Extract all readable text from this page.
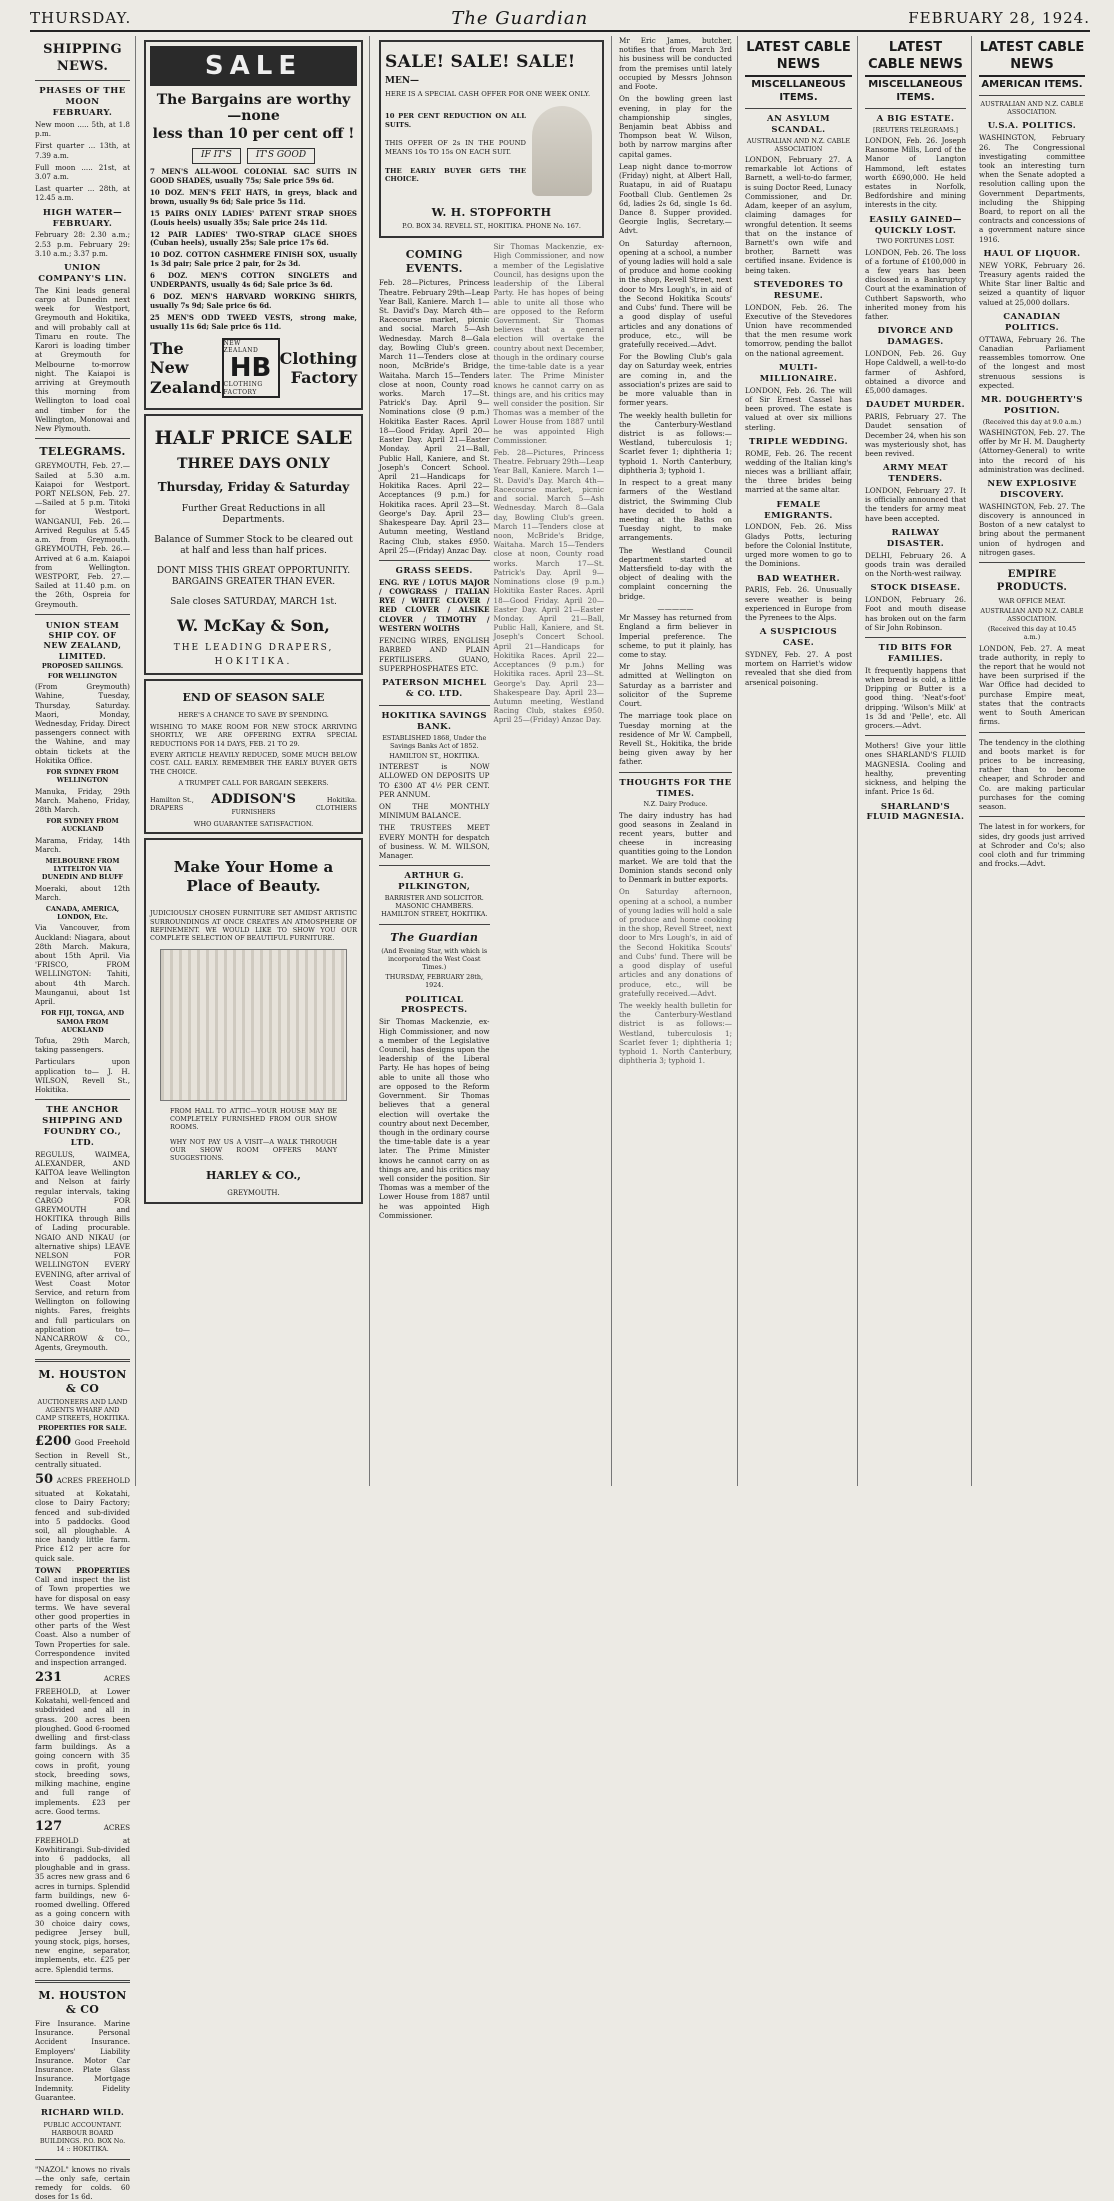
THURSDAY.	The Guardian	FEBRUARY 28, 1924.
SHIPPING NEWS.
PHASES OF THE MOON FEBRUARY.

New moon ..... 5th, at 1.8 p.m.

First quarter ... 13th, at 7.39 a.m.

Full moon ..... 21st, at 3.07 a.m.

Last quarter ... 28th, at 12.45 a.m.

HIGH WATER—FEBRUARY.

February 28: 2.30 a.m.; 2.53 p.m. February 29: 3.10 a.m.; 3.37 p.m.

UNION COMPANY'S LIN.

The Kini leads general cargo at Dunedin next week for Westport, Greymouth and Hokitika, and will probably call at Timaru en route. The Karori is loading timber at Greymouth for Melbourne to-morrow night. The Kaiapoi is arriving at Greymouth this morning from Wellington to load coal and timber for the Wellington, Monowai and New Plymouth.

TELEGRAMS.

GREYMOUTH, Feb. 27.—Sailed at 5.30 a.m. Kaiapoi for Westport. PORT NELSON, Feb. 27.—Sailed at 5 p.m. Titoki for Westport. WANGANUI, Feb. 26.—Arrived Regulus at 5.45 a.m. from Greymouth. GREYMOUTH, Feb. 26.—Arrived at 6 a.m. Kaiapoi from Wellington. WESTPORT, Feb. 27.—Sailed at 11.40 p.m. on the 26th, Ospreia for Greymouth.

UNION STEAM SHIP COY. OF NEW ZEALAND, LIMITED.
PROPOSED SAILINGS.
FOR WELLINGTON

(From Greymouth) Wahine, Tuesday, Thursday, Saturday. Maori, Monday, Wednesday, Friday. Direct passengers connect with the Wahine, and may obtain tickets at the Hokitika Office.

FOR SYDNEY FROM WELLINGTON

Manuka, Friday, 29th March. Maheno, Friday, 28th March.

FOR SYDNEY FROM AUCKLAND

Marama, Friday, 14th March.

MELBOURNE FROM LYTTELTON VIA DUNEDIN AND BLUFF

Moeraki, about 12th March.

CANADA, AMERICA, LONDON, Etc.

Via Vancouver, from Auckland: Niagara, about 28th March. Makura, about 15th April. Via 'FRISCO, FROM WELLINGTON: Tahiti, about 4th March. Maunganui, about 1st April.

FOR FIJI, TONGA, AND SAMOA FROM AUCKLAND

Tofua, 29th March, taking passengers.

Particulars upon application to— J. H. WILSON, Revell St., Hokitika.

THE ANCHOR SHIPPING AND FOUNDRY CO., LTD.

REGULUS, WAIMEA, ALEXANDER, AND KAITOA leave Wellington and Nelson at fairly regular intervals, taking CARGO FOR GREYMOUTH and HOKITIKA through Bills of Lading procurable. NGAIO AND NIKAU (or alternative ships) LEAVE NELSON FOR WELLINGTON EVERY EVENING, after arrival of West Coast Motor Service, and return from Wellington on following nights. Fares, freights and full particulars on application to— NANCARROW & CO., Agents, Greymouth.

M. HOUSTON & CO
AUCTIONEERS AND LAND AGENTS WHARF AND CAMP STREETS, HOKITIKA.
PROPERTIES FOR SALE.

£200 Good Freehold Section in Revell St., centrally situated.

50 ACRES FREEHOLD situated at Kokatahi, close to Dairy Factory; fenced and sub-divided into 5 paddocks. Good soil, all ploughable. A nice handy little farm. Price £12 per acre for quick sale.

TOWN PROPERTIES Call and inspect the list of Town properties we have for disposal on easy terms. We have several other good properties in other parts of the West Coast. Also a number of Town Properties for sale. Correspondence invited and inspection arranged.

231	ACRES FREEHOLD, at Lower Kokatahi, well-fenced and subdivided and all in grass. 200 acres been ploughed. Good 6-roomed dwelling and first-class farm buildings. As a going concern with 35 cows in profit, young stock, breeding sows, milking machine, engine and full range of implements. £23 per acre. Good terms.

127	ACRES FREEHOLD at Kowhitirangi. Sub-divided into 6 paddocks, all ploughable and in grass. 35 acres new grass and 6 acres in turnips. Splendid farm buildings, new 6-roomed dwelling. Offered as a going concern with 30 choice dairy cows, pedigree Jersey bull, young stock, pigs, horses, new engine, separator, implements, etc. £25 per acre. Splendid terms.

M. HOUSTON & CO

Fire Insurance. Marine Insurance. Personal Accident Insurance. Employers' Liability Insurance. Motor Car Insurance. Plate Glass Insurance. Mortgage Indemnity. Fidelity Guarantee.

RICHARD WILD.
PUBLIC ACCOUNTANT. HARBOUR BOARD BUILDINGS. P.O. BOX No. 14 :: HOKITIKA.

"NAZOL" knows no rivals—the only safe, certain remedy for colds. 60 doses for 1s 6d.

SALE
The Bargains are worthy—none
less than 10 per cent off !
IF IT'S	IT'S GOOD

7 MEN'S ALL-WOOL COLONIAL SAC SUITS IN GOOD SHADES, usually 75s; Sale price 59s 6d.

10 DOZ. MEN'S FELT HATS, in greys, black and brown, usually 9s 6d; Sale price 5s 11d.

15 PAIRS ONLY LADIES' PATENT STRAP SHOES (Louis heels) usually 35s; Sale price 24s 11d.

12 PAIR LADIES' TWO-STRAP GLACE SHOES (Cuban heels), usually 25s; Sale price 17s 6d.

10 DOZ. COTTON CASHMERE FINISH SOX, usually 1s 3d pair; Sale price 2 pair, for 2s 3d.

6 DOZ. MEN'S COTTON SINGLETS and UNDERPANTS, usually 4s 6d; Sale price 3s 6d.

6 DOZ. MEN'S HARVARD WORKING SHIRTS, usually 7s 9d; Sale price 6s 6d.

25 MEN'S ODD TWEED VESTS, strong make, usually 11s 6d; Sale price 6s 11d.

The New
Zealand
NEW ZEALAND
HB
CLOTHING FACTORY
Clothing
Factory
HALF PRICE SALE
THREE DAYS ONLY
Thursday, Friday & Saturday
Further Great Reductions in all Departments.
Balance of Summer Stock to be cleared out at half and less than half prices.
DONT MISS THIS GREAT OPPORTUNITY. BARGAINS GREATER THAN EVER.
Sale closes SATURDAY, MARCH 1st.
W. McKay & Son,
THE LEADING DRAPERS,
HOKITIKA.
END OF SEASON SALE
HERE'S A CHANCE TO SAVE BY SPENDING.

WISHING TO MAKE ROOM FOR NEW STOCK ARRIVING SHORTLY, WE ARE OFFERING EXTRA SPECIAL REDUCTIONS FOR 14 DAYS, FEB. 21 TO 29.

EVERY ARTICLE HEAVILY REDUCED, SOME MUCH BELOW COST. CALL EARLY. REMEMBER THE EARLY BUYER GETS THE CHOICE.

A TRUMPET CALL FOR BARGAIN SEEKERS.
Hamilton St., DRAPERS
ADDISON'S
FURNISHERS
Hokitika. CLOTHIERS
WHO GUARANTEE SATISFACTION.
Make Your Home a Place of Beauty.

JUDICIOUSLY CHOSEN FURNITURE SET AMIDST ARTISTIC SURROUNDINGS AT ONCE CREATES AN ATMOSPHERE OF REFINEMENT. WE WOULD LIKE TO SHOW YOU OUR COMPLETE SELECTION OF BEAUTIFUL FURNITURE.

FROM HALL TO ATTIC—YOUR HOUSE MAY BE COMPLETELY FURNISHED FROM OUR SHOW ROOMS.

WHY NOT PAY US A VISIT—A WALK THROUGH OUR SHOW ROOM OFFERS MANY SUGGESTIONS.

HARLEY & CO.,
GREYMOUTH.
SALE! SALE! SALE!
MEN—

HERE IS A SPECIAL CASH OFFER FOR ONE WEEK ONLY.

10 PER CENT REDUCTION ON ALL SUITS.

THIS OFFER OF 2s IN THE POUND MEANS 10s TO 15s ON EACH SUIT.

THE EARLY BUYER GETS THE CHOICE.

W. H. STOPFORTH
P.O. BOX 34. REVELL ST., HOKITIKA. PHONE No. 167.
COMING EVENTS.

Feb. 28—Pictures, Princess Theatre. February 29th—Leap Year Ball, Kaniere. March 1—St. David's Day. March 4th—Racecourse market, picnic and social. March 5—Ash Wednesday. March 8—Gala day, Bowling Club's green. March 11—Tenders close at noon, McBride's Bridge, Waitaha. March 15—Tenders close at noon, County road works. March 17—St. Patrick's Day. April 9—Nominations close (9 p.m.) Hokitika Easter Races. April 18—Good Friday. April 20—Easter Day. April 21—Easter Monday. April 21—Ball, Public Hall, Kaniere, and St. Joseph's Concert School. April 21—Handicaps for Hokitika Races. April 22—Acceptances (9 p.m.) for Hokitika races. April 23—St. George's Day. April 23—Shakespeare Day. April 23—Autumn meeting, Westland Racing Club, stakes £950. April 25—(Friday) Anzac Day.

GRASS SEEDS.

ENG. RYE / LOTUS MAJOR / COWGRASS / ITALIAN RYE / WHITE CLOVER / RED CLOVER / ALSIKE CLOVER / TIMOTHY / WESTERN WOLTHS

FENCING WIRES, ENGLISH BARBED AND PLAIN FERTILISERS. GUANO, SUPERPHOSPHATES ETC.

PATERSON MICHEL & CO. LTD.
HOKITIKA SAVINGS BANK.
ESTABLISHED 1868, Under the Savings Banks Act of 1852.
HAMILTON ST., HOKITIKA.

INTEREST is NOW ALLOWED ON DEPOSITS UP TO £300 AT 4½ PER CENT. PER ANNUM.

ON THE MONTHLY MINIMUM BALANCE.

THE TRUSTEES MEET EVERY MONTH for despatch of business. W. M. WILSON, Manager.

ARTHUR G. PILKINGTON,
BARRISTER AND SOLICITOR. MASONIC CHAMBERS. HAMILTON STREET, HOKITIKA.
The Guardian
(And Evening Star, with which is incorporated the West Coast Times.)
THURSDAY, FEBRUARY 28th, 1924.
POLITICAL PROSPECTS.

Sir Thomas Mackenzie, ex-High Commissioner, and now a member of the Legislative Council, has designs upon the leadership of the Liberal Party. He has hopes of being able to unite all those who are opposed to the Reform Government. Sir Thomas believes that a general election will overtake the country about next December, though in the ordinary course the time-table date is a year later. The Prime Minister knows he cannot carry on as things are, and his critics may well consider the position. Sir Thomas was a member of the Lower House from 1887 until he was appointed High Commissioner.

Sir Thomas Mackenzie, ex-High Commissioner, and now a member of the Legislative Council, has designs upon the leadership of the Liberal Party. He has hopes of being able to unite all those who are opposed to the Reform Government. Sir Thomas believes that a general election will overtake the country about next December, though in the ordinary course the time-table date is a year later. The Prime Minister knows he cannot carry on as things are, and his critics may well consider the position. Sir Thomas was a member of the Lower House from 1887 until he was appointed High Commissioner.

Feb. 28—Pictures, Princess Theatre. February 29th—Leap Year Ball, Kaniere. March 1—St. David's Day. March 4th—Racecourse market, picnic and social. March 5—Ash Wednesday. March 8—Gala day, Bowling Club's green. March 11—Tenders close at noon, McBride's Bridge, Waitaha. March 15—Tenders close at noon, County road works. March 17—St. Patrick's Day. April 9—Nominations close (9 p.m.) Hokitika Easter Races. April 18—Good Friday. April 20—Easter Day. April 21—Easter Monday. April 21—Ball, Public Hall, Kaniere, and St. Joseph's Concert School. April 21—Handicaps for Hokitika Races. April 22—Acceptances (9 p.m.) for Hokitika races. April 23—St. George's Day. April 23—Shakespeare Day. April 23—Autumn meeting, Westland Racing Club, stakes £950. April 25—(Friday) Anzac Day.

Mr Eric James, butcher, notifies that from March 3rd his business will be conducted from the premises until lately occupied by Messrs Johnson and Foote.

On the bowling green last evening, in play for the championship singles, Benjamin beat Abbiss and Thompson beat W. Wilson, both by narrow margins after capital games.

Leap night dance to-morrow (Friday) night, at Albert Hall, Ruatapu, in aid of Ruatapu Football Club. Gentlemen 2s 6d, ladies 2s 6d, single 1s 6d. Dance 8. Supper provided. Georgie Inglis, Secretary.—Advt.

On Saturday afternoon, opening at a school, a number of young ladies will hold a sale of produce and home cooking in the shop, Revell Street, next door to Mrs Lough's, in aid of the Second Hokitika Scouts' and Cubs' fund. There will be a good display of useful articles and any donations of produce, etc., will be gratefully received.—Advt.

For the Bowling Club's gala day on Saturday week, entries are coming in, and the association's prizes are said to be more valuable than in former years.

The weekly health bulletin for the Canterbury-Westland district is as follows:—Westland, tuberculosis 1; Scarlet fever 1; diphtheria 1; typhoid 1. North Canterbury, diphtheria 3; typhoid 1.

In respect to a great many farmers of the Westland district, the Swimming Club have decided to hold a meeting at the Baths on Tuesday night, to make arrangements.

The Westland Council department started at Mattersfield to-day with the object of dealing with the complaint concerning the bridge.

—————

Mr Massey has returned from England a firm believer in Imperial preference. The scheme, to put it plainly, has come to stay.

Mr Johns Melling was admitted at Wellington on Saturday as a barrister and solicitor of the Supreme Court.

The marriage took place on Tuesday morning at the residence of Mr W. Campbell, Revell St., Hokitika, the bride being given away by her father.

THOUGHTS FOR THE TIMES.
N.Z. Dairy Produce.

The dairy industry has had good seasons in Zealand in recent years, butter and cheese in increasing quantities going to the London market. We are told that the Dominion stands second only to Denmark in butter exports.

On Saturday afternoon, opening at a school, a number of young ladies will hold a sale of produce and home cooking in the shop, Revell Street, next door to Mrs Lough's, in aid of the Second Hokitika Scouts' and Cubs' fund. There will be a good display of useful articles and any donations of produce, etc., will be gratefully received.—Advt.

The weekly health bulletin for the Canterbury-Westland district is as follows:—Westland, tuberculosis 1; Scarlet fever 1; diphtheria 1; typhoid 1. North Canterbury, diphtheria 3; typhoid 1.

LATEST CABLE NEWS
MISCELLANEOUS ITEMS.
AN ASYLUM SCANDAL.
AUSTRALIAN AND N.Z. CABLE ASSOCIATION

LONDON, February 27. A remarkable lot Actions of Barnett, a well-to-do farmer, is suing Doctor Reed, Lunacy Commissioner, and Dr. Adam, keeper of an asylum, claiming damages for wrongful detention. It seems that on the instance of Barnett's own wife and brother, Barnett was certified insane. Evidence is being taken.

STEVEDORES TO RESUME.

LONDON, Feb. 26. The Executive of the Stevedores Union have recommended that the men resume work tomorrow, pending the ballot on the national agreement.

MULTI-MILLIONAIRE.

LONDON, Feb. 26. The will of Sir Ernest Cassel has been proved. The estate is valued at over six millions sterling.

TRIPLE WEDDING.

ROME, Feb. 26. The recent wedding of the Italian king's nieces was a brilliant affair, the three brides being married at the same altar.

FEMALE EMIGRANTS.

LONDON, Feb. 26. Miss Gladys Potts, lecturing before the Colonial Institute, urged more women to go to the Dominions.

BAD WEATHER.

PARIS, Feb. 26. Unusually severe weather is being experienced in Europe from the Pyrenees to the Alps.

A SUSPICIOUS CASE.

SYDNEY, Feb. 27. A post mortem on Harriet's widow revealed that she died from arsenical poisoning.

LATEST CABLE NEWS
MISCELLANEOUS ITEMS.
A BIG ESTATE.
[REUTERS TELEGRAMS.]

LONDON, Feb. 26. Joseph Ransome Mills, Lord of the Manor of Langton Hammond, left estates worth £690,000. He held estates in Norfolk, Bedfordshire and mining interests in the city.

EASILY GAINED—QUICKLY LOST.
TWO FORTUNES LOST.

LONDON, Feb. 26. The loss of a fortune of £100,000 in a few years has been disclosed in a Bankruptcy Court at the examination of Cuthbert Sapsworth, who inherited money from his father.

DIVORCE AND DAMAGES.

LONDON, Feb. 26. Guy Hope Caldwell, a well-to-do farmer of Ashford, obtained a divorce and £5,000 damages.

DAUDET MURDER.

PARIS, February 27. The Daudet sensation of December 24, when his son was mysteriously shot, has been revived.

ARMY MEAT TENDERS.

LONDON, February 27. It is officially announced that the tenders for army meat have been accepted.

RAILWAY DISASTER.

DELHI, February 26. A goods train was derailed on the North-west railway.

STOCK DISEASE.

LONDON, February 26. Foot and mouth disease has broken out on the farm of Sir John Robinson.

TID BITS FOR FAMILIES.

It frequently happens that when bread is cold, a little Dripping or Butter is a good thing. 'Neat's-foot' dripping. 'Wilson's Milk' at 1s 3d and 'Pelle', etc. All grocers.—Advt.

Mothers! Give your little ones SHARLAND'S FLUID MAGNESIA. Cooling and healthy, preventing sickness, and helping the infant. Price 1s 6d.

SHARLAND'S FLUID MAGNESIA.
LATEST CABLE NEWS
AMERICAN ITEMS.
AUSTRALIAN AND N.Z. CABLE ASSOCIATION.
U.S.A. POLITICS.

WASHINGTON, February 26. The Congressional investigating committee took an interesting turn when the Senate adopted a resolution calling upon the Government Departments, including the Shipping Board, to report on all the contracts and concessions of a government nature since 1916.

HAUL OF LIQUOR.

NEW YORK, February 26. Treasury agents raided the White Star liner Baltic and seized a quantity of liquor valued at 25,000 dollars.

CANADIAN POLITICS.

OTTAWA, February 26. The Canadian Parliament reassembles tomorrow. One of the longest and most strenuous sessions is expected.

MR. DOUGHERTY'S POSITION.
(Received this day at 9.0 a.m.)

WASHINGTON, Feb. 27. The offer by Mr H. M. Daugherty (Attorney-General) to write into the record of his administration was declined.

NEW EXPLOSIVE DISCOVERY.

WASHINGTON, Feb. 27. The discovery is announced in Boston of a new catalyst to bring about the permanent union of hydrogen and nitrogen gases.

EMPIRE PRODUCTS.
WAR OFFICE MEAT.
AUSTRALIAN AND N.Z. CABLE ASSOCIATION.
(Received this day at 10.45 a.m.)

LONDON, Feb. 27. A meat trade authority, in reply to the report that he would not have been surprised if the War Office had decided to purchase Empire meat, states that the contracts went to South American firms.

The tendency in the clothing and boots market is for prices to be increasing, rather than to become cheaper, and Schroder and Co. are making particular purchases for the coming season.

The latest in for workers, for sides, dry goods just arrived at Schroder and Co's; also cool cloth and fur trimming and frocks.—Advt.
